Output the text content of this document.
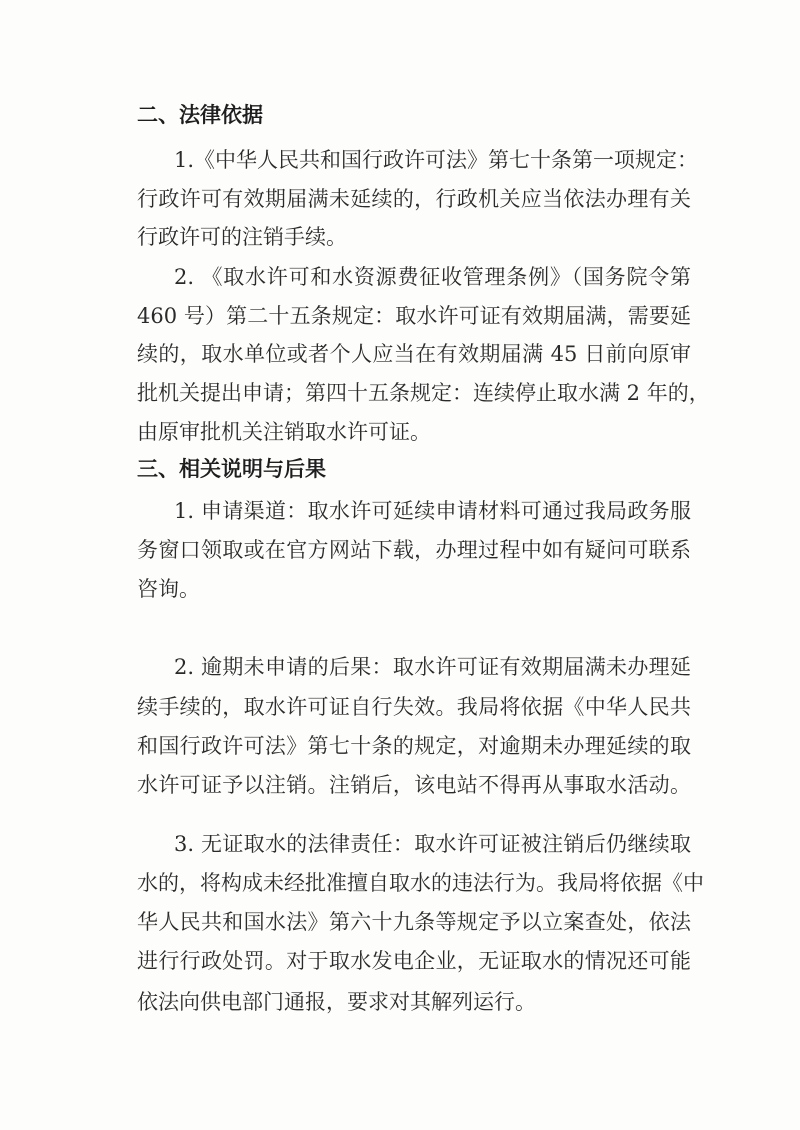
二、法律依据
1.《中华人民共和国行政许可法》第七十条第一项规定：
行政许可有效期届满未延续的，行政机关应当依法办理有关
行政许可的注销手续。
2. 《取水许可和水资源费征收管理条例》（国务院令第
460 号）第二十五条规定：取水许可证有效期届满，需要延
续的，取水单位或者个人应当在有效期届满 45 日前向原审
批机关提出申请；第四十五条规定：连续停止取水满 2 年的，
由原审批机关注销取水许可证。
三、相关说明与后果
1. 申请渠道：取水许可延续申请材料可通过我局政务服
务窗口领取或在官方网站下载，办理过程中如有疑问可联系
咨询。
2. 逾期未申请的后果：取水许可证有效期届满未办理延
续手续的，取水许可证自行失效。我局将依据《中华人民共
和国行政许可法》第七十条的规定，对逾期未办理延续的取
水许可证予以注销。注销后，该电站不得再从事取水活动。
3. 无证取水的法律责任：取水许可证被注销后仍继续取
水的，将构成未经批准擅自取水的违法行为。我局将依据《中
华人民共和国水法》第六十九条等规定予以立案查处，依法
进行行政处罚。对于取水发电企业，无证取水的情况还可能
依法向供电部门通报，要求对其解列运行。
